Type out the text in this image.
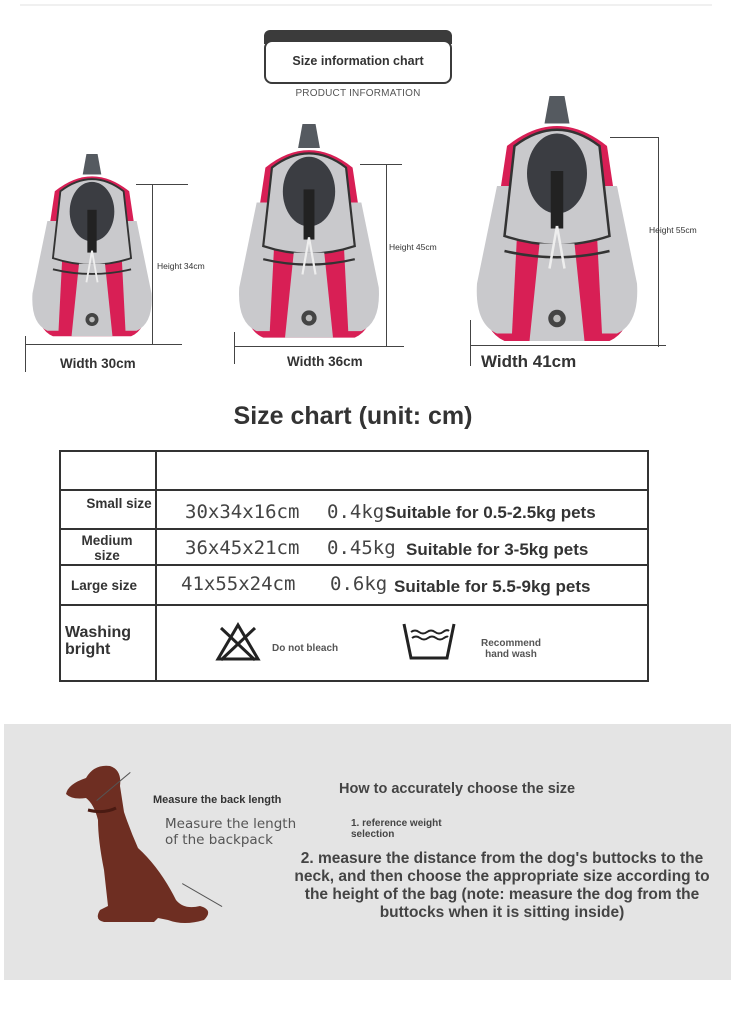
Size information chart
PRODUCT INFORMATION
Height 34cm
Width 30cm
Height 45cm
Width 36cm
Height 55cm
Width 41cm
Size chart (unit: cm)
Small size 30x34x16cm 0.4kg Suitable for 0.5-2.5kg pets
Medium size	36x45x21cm 0.45kg Suitable for 3-5kg pets
Large size	41x55x24cm 0.6kg Suitable for 5.5-9kg pets
Washing bright	Do not bleach	Recommend hand wash
Measure the back length
Measure the length of the backpack
How to accurately choose the size
1. reference weight selection
2. measure the distance from the dog's buttocks to the neck, and then choose the appropriate size according to the height of the bag (note: measure the dog from the buttocks when it is sitting inside)
